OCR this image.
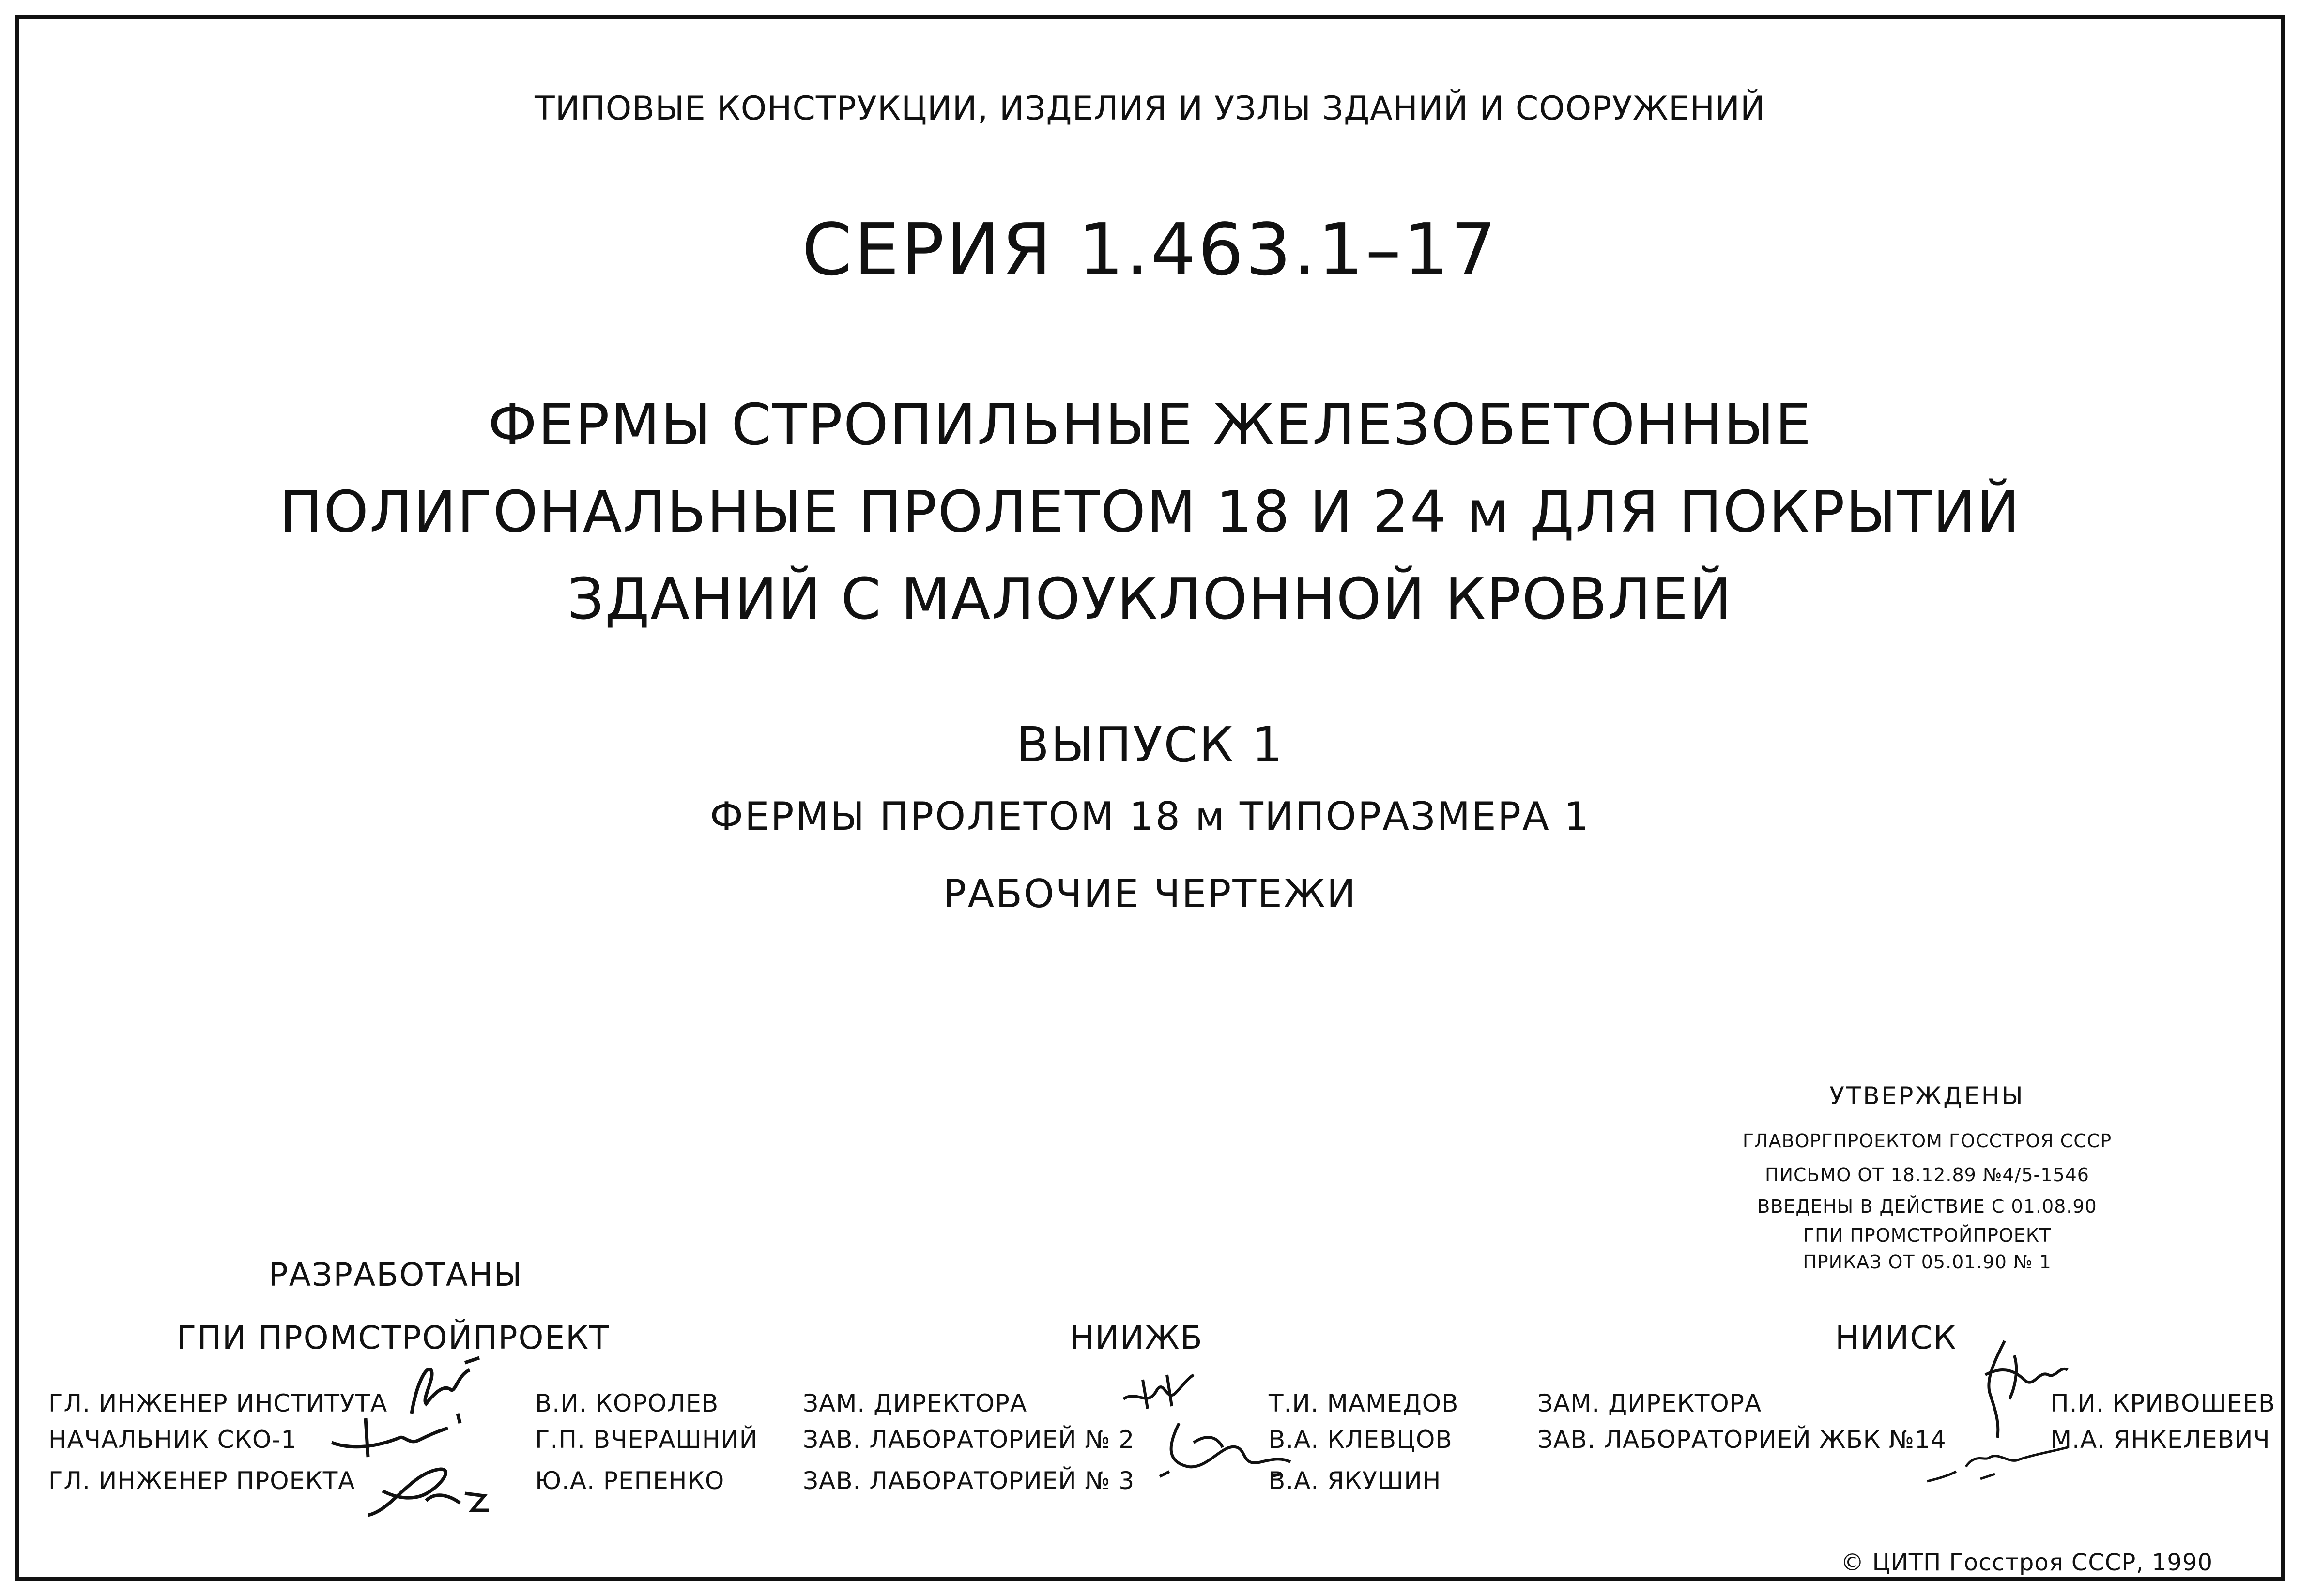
ТИПОВЫЕ КОНСТРУКЦИИ, ИЗДЕЛИЯ И УЗЛЫ ЗДАНИЙ И СООРУЖЕНИЙ
СЕРИЯ 1.463.1–17
ФЕРМЫ СТРОПИЛЬНЫЕ ЖЕЛЕЗОБЕТОННЫЕ
ПОЛИГОНАЛЬНЫЕ ПРОЛЕТОМ 18 И 24 м ДЛЯ ПОКРЫТИЙ
ЗДАНИЙ С МАЛОУКЛОННОЙ КРОВЛЕЙ
ВЫПУСК 1
ФЕРМЫ ПРОЛЕТОМ 18 м ТИПОРАЗМЕРА 1
РАБОЧИЕ ЧЕРТЕЖИ
УТВЕРЖДЕНЫ
ГЛАВОРГПРОЕКТОМ ГОССТРОЯ СССР
ПИСЬМО ОТ 18.12.89 №4/5-1546
ВВЕДЕНЫ В ДЕЙСТВИЕ С 01.08.90
ГПИ ПРОМСТРОЙПРОЕКТ
ПРИКАЗ ОТ 05.01.90 № 1
РАЗРАБОТАНЫ
ГПИ ПРОМСТРОЙПРОЕКТ
ГЛ. ИНЖЕНЕР ИНСТИТУТА
НАЧАЛЬНИК СКО-1
ГЛ. ИНЖЕНЕР ПРОЕКТА
В.И. КОРОЛЕВ
Г.П. ВЧЕРАШНИЙ
Ю.А. РЕПЕНКО
НИИЖБ
ЗАМ. ДИРЕКТОРА
ЗАВ. ЛАБОРАТОРИЕЙ № 2
ЗАВ. ЛАБОРАТОРИЕЙ № 3
Т.И. МАМЕДОВ
В.А. КЛЕВЦОВ
В.А. ЯКУШИН
НИИСК
ЗАМ. ДИРЕКТОРА
ЗАВ. ЛАБОРАТОРИЕЙ ЖБК №14
П.И. КРИВОШЕЕВ
М.А. ЯНКЕЛЕВИЧ
© ЦИТП Госстроя СССР, 1990
